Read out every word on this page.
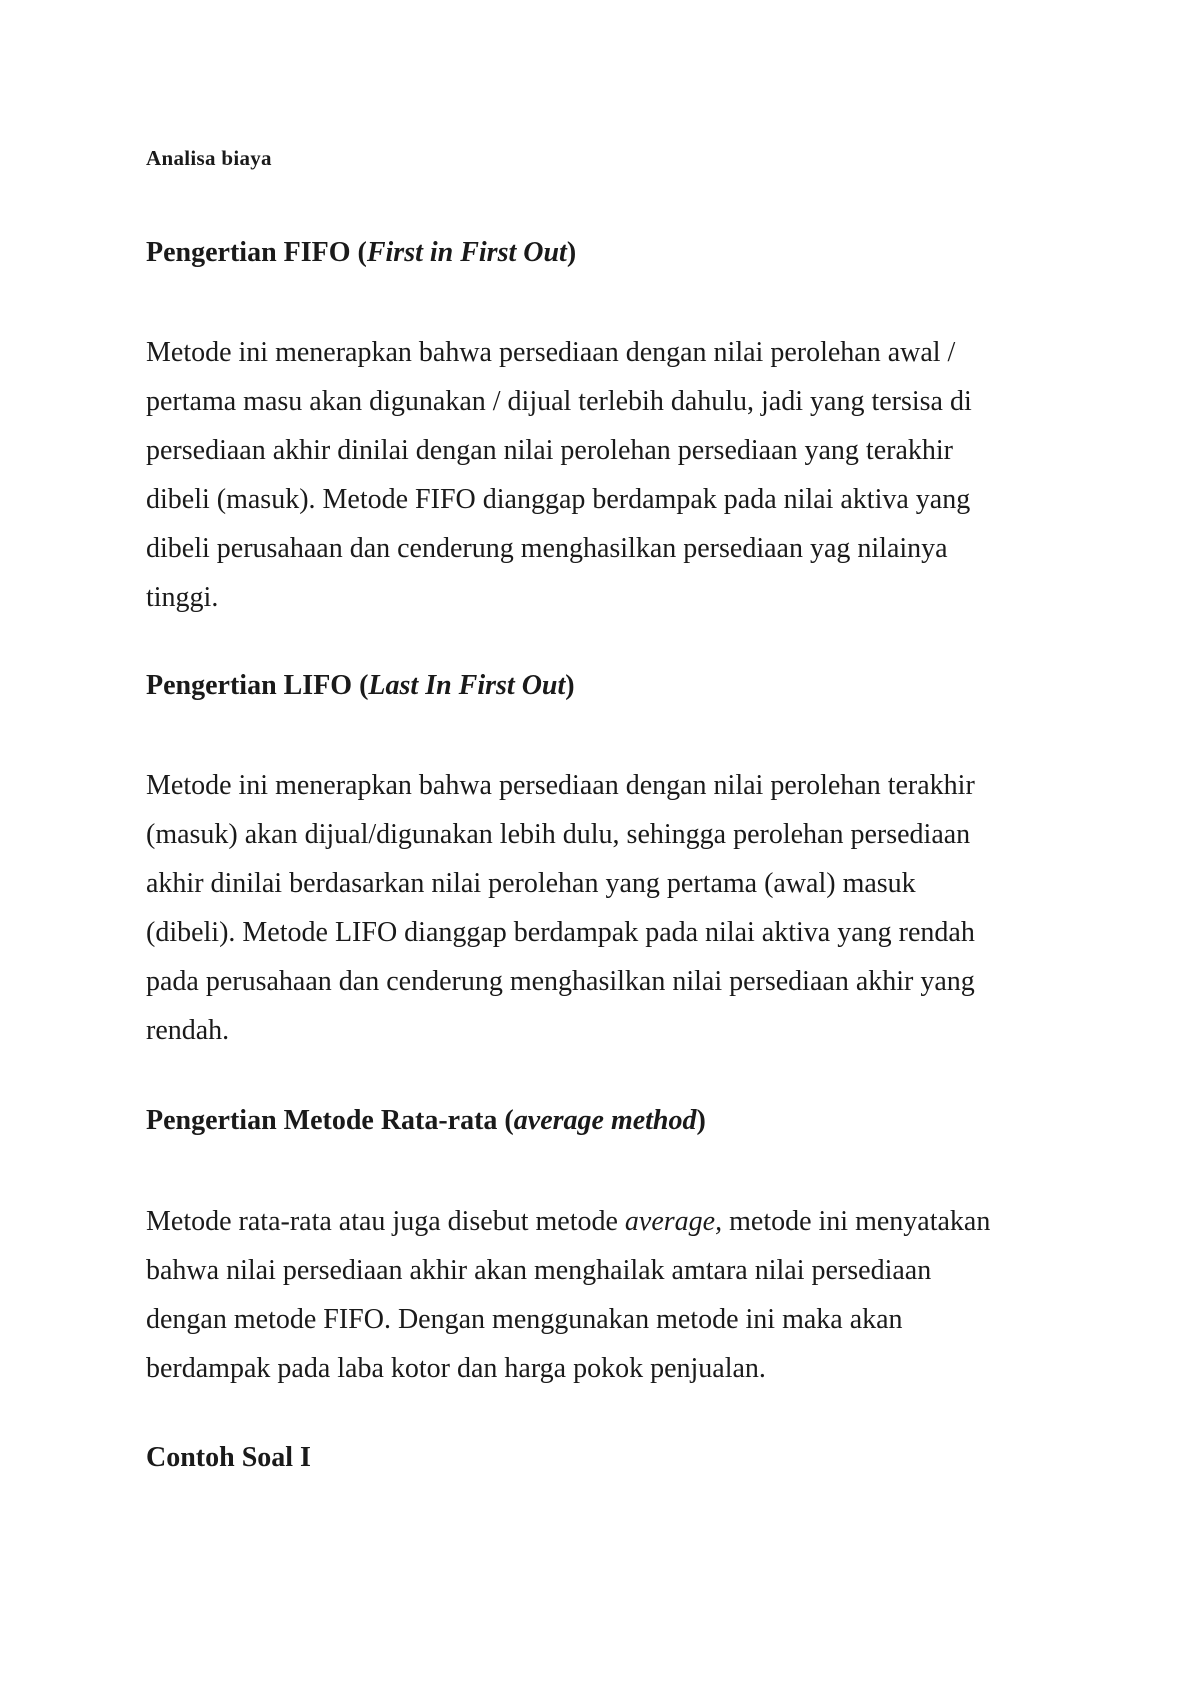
Analisa biaya
Pengertian FIFO (First in First Out)

Metode ini menerapkan bahwa persediaan dengan nilai perolehan awal /
pertama masu akan digunakan / dijual terlebih dahulu, jadi yang tersisa di
persediaan akhir dinilai dengan nilai perolehan persediaan yang terakhir
dibeli (masuk). Metode FIFO dianggap berdampak pada nilai aktiva yang
dibeli perusahaan dan cenderung menghasilkan persediaan yag nilainya
tinggi.

Pengertian LIFO (Last In First Out)

Metode ini menerapkan bahwa persediaan dengan nilai perolehan terakhir
(masuk) akan dijual/digunakan lebih dulu, sehingga perolehan persediaan
akhir dinilai berdasarkan nilai perolehan yang pertama (awal) masuk
(dibeli). Metode LIFO dianggap berdampak pada nilai aktiva yang rendah
pada perusahaan dan cenderung menghasilkan nilai persediaan akhir yang
rendah.

Pengertian Metode Rata-rata (average method)

Metode rata-rata atau juga disebut metode average, metode ini menyatakan
bahwa nilai persediaan akhir akan menghailak amtara nilai persediaan
dengan metode FIFO. Dengan menggunakan metode ini maka akan
berdampak pada laba kotor dan harga pokok penjualan.

Contoh Soal I
